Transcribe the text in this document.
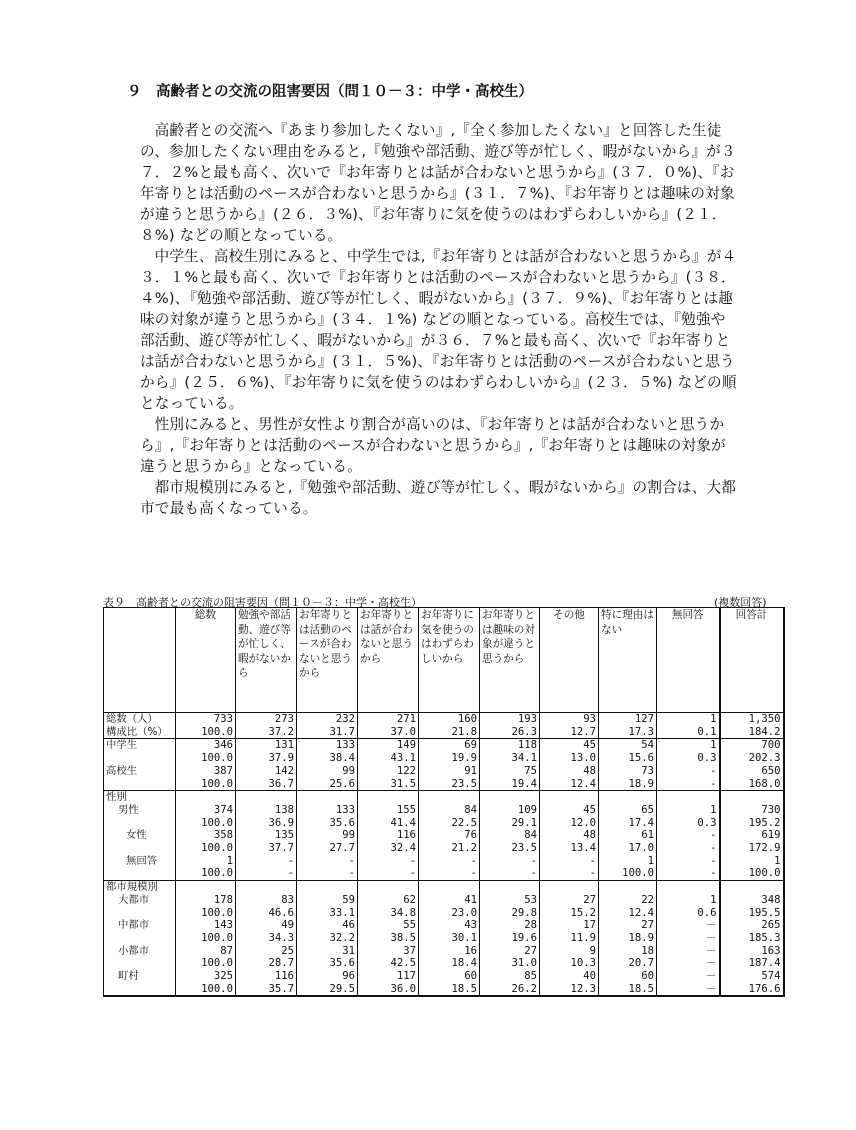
９　高齢者との交流の阻害要因（問１０－３：中学・高校生）

高齢者との交流へ『あまり参加したくない』,『全く参加したくない』と回答した生徒の、参加したくない理由をみると,『勉強や部活動、遊び等が忙しく、暇がないから』が３７．２%と最も高く、次いで『お年寄りとは話が合わないと思うから』(３７．０%)、『お年寄りとは活動のペースが合わないと思うから』(３１．７%)、『お年寄りとは趣味の対象が違うと思うから』(２６．３%)、『お年寄りに気を使うのはわずらわしいから』(２１．８%) などの順となっている。

中学生、高校生別にみると、中学生では,『お年寄りとは話が合わないと思うから』が４３．１%と最も高く、次いで『お年寄りとは活動のペースが合わないと思うから』(３８．４%)、『勉強や部活動、遊び等が忙しく、暇がないから』(３７．９%)、『お年寄りとは趣味の対象が違うと思うから』(３４．１%) などの順となっている。高校生では、『勉強や部活動、遊び等が忙しく、暇がないから』が３６．７%と最も高く、次いで『お年寄りとは話が合わないと思うから』(３１．５%)、『お年寄りとは活動のペースが合わないと思うから』(２５．６%)、『お年寄りに気を使うのはわずらわしいから』(２３．５%) などの順となっている。

性別にみると、男性が女性より割合が高いのは、『お年寄りとは話が合わないと思うから』,『お年寄りとは活動のペースが合わないと思うから』,『お年寄りとは趣味の対象が違うと思うから』となっている。

都市規模別にみると,『勉強や部活動、遊び等が忙しく、暇がないから』の割合は、大都市で最も高くなっている。

表９　高齢者との交流の阻害要因（問１０－３：中学・高校生）	(複数回答)
	総数	勉強や部活動、遊び等が忙しく、暇がないから	お年寄りとは活動のペースが合わないと思うから	お年寄りとは話が合わないと思うから	お年寄りに気を使うのはわずらわしいから	お年寄りとは趣味の対象が違うと思うから	その他	特に理由はない	無回答	回答計
総数（人）	733	273	232	271	160	193	93	127	1	1,350
構成比（%）	100.0	37.2	31.7	37.0	21.8	26.3	12.7	17.3	0.1	184.2
中学生	346	131	133	149	69	118	45	54	1	700
	100.0	37.9	38.4	43.1	19.9	34.1	13.0	15.6	0.3	202.3
高校生	387	142	99	122	91	75	48	73	-	650
	100.0	36.7	25.6	31.5	23.5	19.4	12.4	18.9	-	168.0
性別										
男性	374	138	133	155	84	109	45	65	1	730
	100.0	36.9	35.6	41.4	22.5	29.1	12.0	17.4	0.3	195.2
女性	358	135	99	116	76	84	48	61	-	619
	100.0	37.7	27.7	32.4	21.2	23.5	13.4	17.0	-	172.9
無回答	1	-	-	-	-	-	-	1	-	1
	100.0	-	-	-	-	-	-	100.0	-	100.0
都市規模別										
大都市	178	83	59	62	41	53	27	22	1	348
	100.0	46.6	33.1	34.8	23.0	29.8	15.2	12.4	0.6	195.5
中都市	143	49	46	55	43	28	17	27	－	265
	100.0	34.3	32.2	38.5	30.1	19.6	11.9	18.9	－	185.3
小都市	87	25	31	37	16	27	9	18	－	163
	100.0	28.7	35.6	42.5	18.4	31.0	10.3	20.7	－	187.4
町村	325	116	96	117	60	85	40	60	－	574
	100.0	35.7	29.5	36.0	18.5	26.2	12.3	18.5	－	176.6
